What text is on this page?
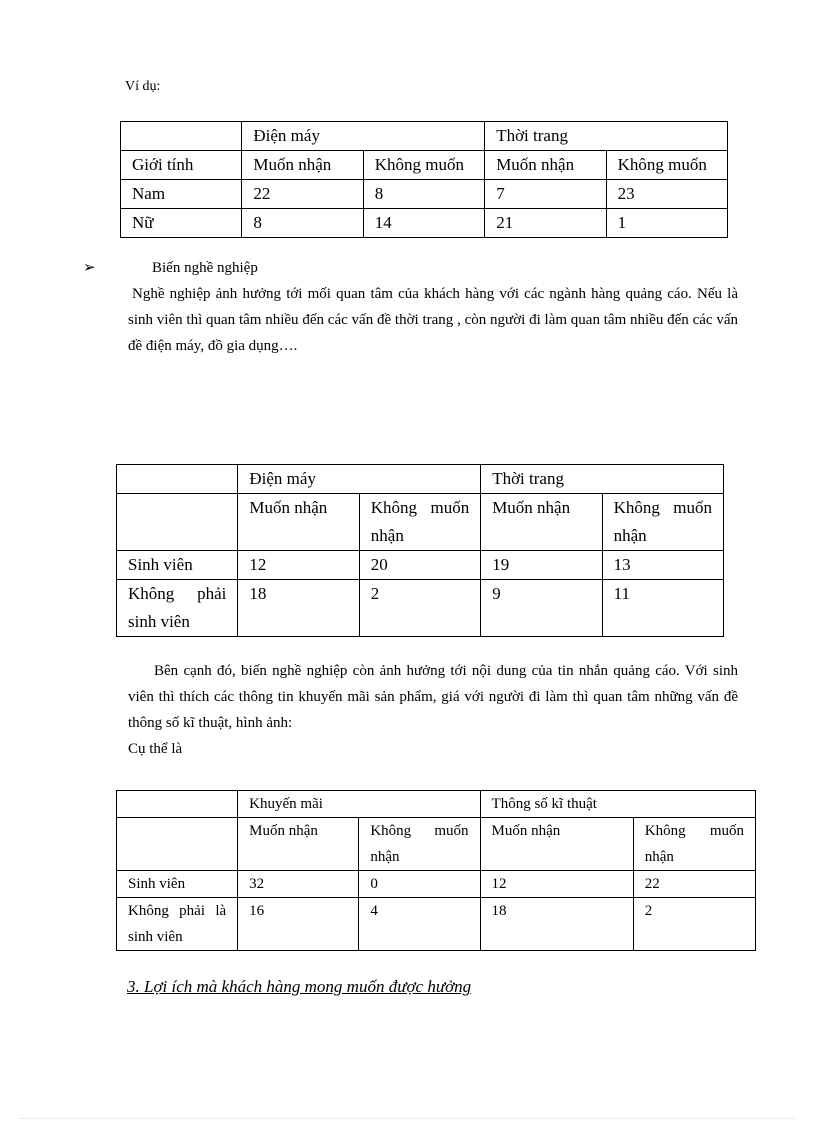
Ví dụ:
	Điện máy		Thời trang	
Giới tính	Muốn nhận	Không muốn	Muốn nhận	Không muốn
Nam	22	8	7	23
Nữ	8	14	21	1
➢	Biến nghề nghiệp
Nghề nghiệp ảnh hưởng tới mối quan tâm của khách hàng với các ngành hàng quảng cáo. Nếu là sinh viên thì quan tâm nhiều đến các vấn đề thời trang , còn người đi làm quan tâm nhiều đến các vấn đề điện máy, đồ gia dụng….
	Điện máy		Thời trang	
	Muốn nhận	Không muốn nhận	Muốn nhận	Không muốn nhận
Sinh viên	12	20	19	13
Không phải sinh viên	18	2	9	11
Bên cạnh đó, biến nghề nghiệp còn ảnh hưởng tới nội dung của tin nhắn quảng cáo. Với sinh viên thì thích các thông tin khuyến mãi sản phẩm, giá với người đi làm thì quan tâm những vấn đề thông số kĩ thuật, hình ảnh:
Cụ thể là
	Khuyến mãi		Thông số kĩ thuật	
	Muốn nhận	Không muốn nhận	Muốn nhận	Không muốn nhận
Sinh viên	32	0	12	22
Không phải là sinh viên	16	4	18	2
3. Lợi ích mà khách hàng mong muốn được hưởng
